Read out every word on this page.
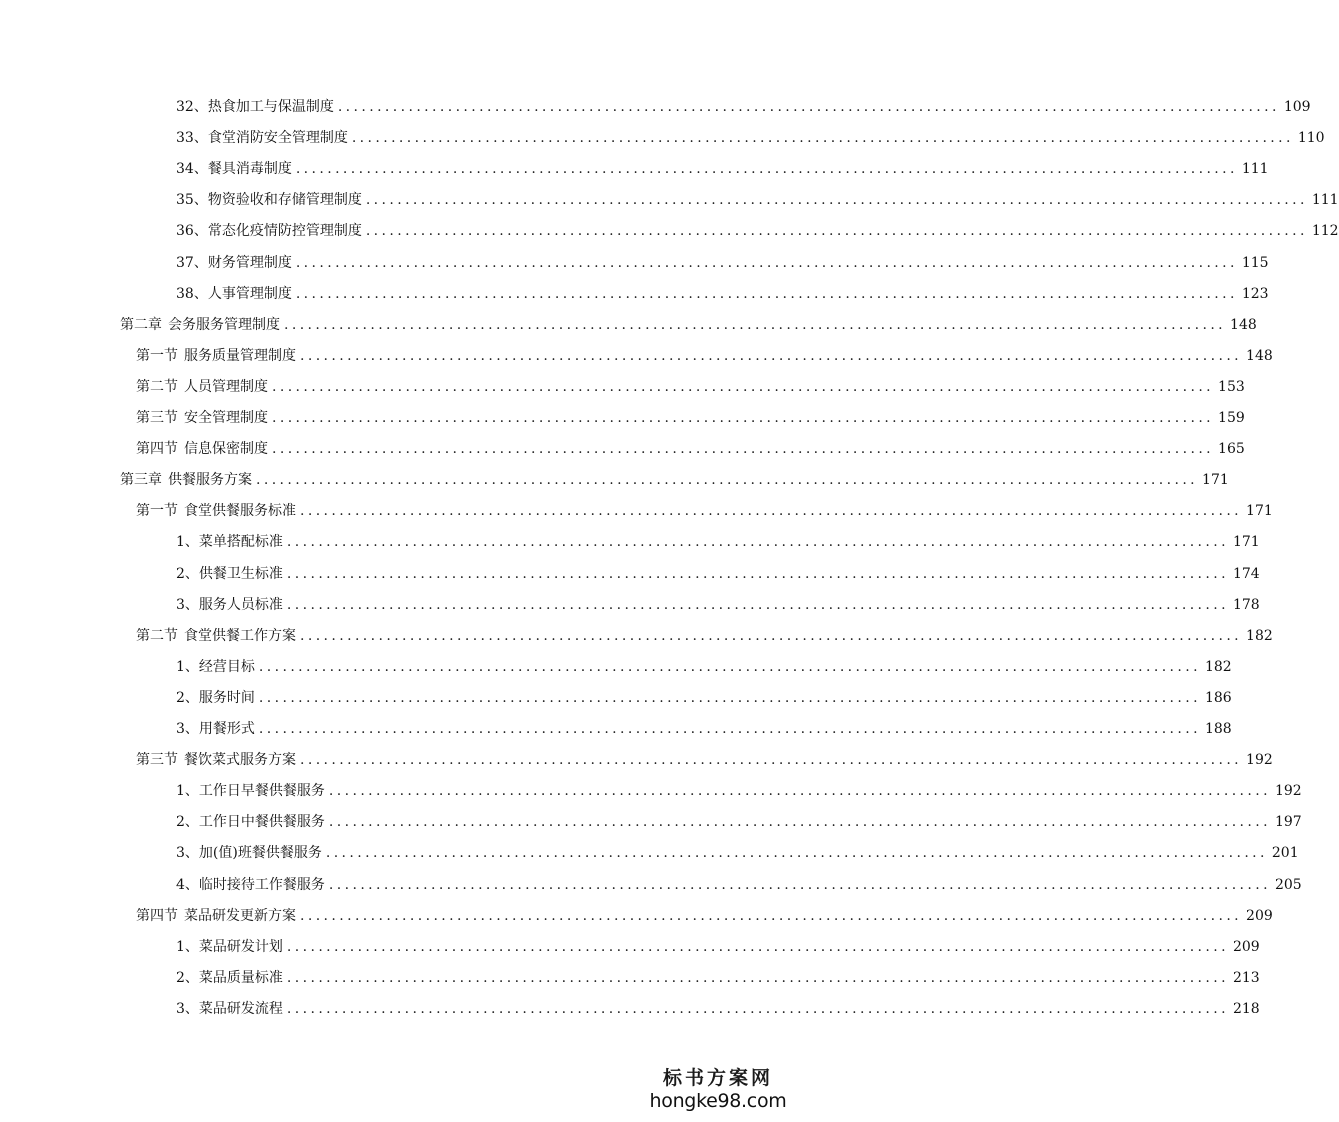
32、 热食加工与保温制度 ........................................................................................................................ 109
33、 食堂消防安全管理制度 ........................................................................................................................ 110
34、 餐具消毒制度 ........................................................................................................................ 111
35、 物资验收和存储管理制度 ........................................................................................................................ 111
36、 常态化疫情防控管理制度 ........................................................................................................................ 112
37、 财务管理制度 ........................................................................................................................ 115
38、 人事管理制度 ........................................................................................................................ 123
第二章 会务服务管理制度 ........................................................................................................................ 148
第一节 服务质量管理制度 ........................................................................................................................ 148
第二节 人员管理制度 ........................................................................................................................ 153
第三节 安全管理制度 ........................................................................................................................ 159
第四节 信息保密制度 ........................................................................................................................ 165
第三章 供餐服务方案 ........................................................................................................................ 171
第一节 食堂供餐服务标准 ........................................................................................................................ 171
1、 菜单搭配标准 ........................................................................................................................ 171
2、 供餐卫生标准 ........................................................................................................................ 174
3、 服务人员标准 ........................................................................................................................ 178
第二节 食堂供餐工作方案 ........................................................................................................................ 182
1、 经营目标 ........................................................................................................................ 182
2、 服务时间 ........................................................................................................................ 186
3、 用餐形式 ........................................................................................................................ 188
第三节 餐饮菜式服务方案 ........................................................................................................................ 192
1、 工作日早餐供餐服务 ........................................................................................................................ 192
2、 工作日中餐供餐服务 ........................................................................................................................ 197
3、 加(值)班餐供餐服务 ........................................................................................................................ 201
4、 临时接待工作餐服务 ........................................................................................................................ 205
第四节 菜品研发更新方案 ........................................................................................................................ 209
1、 菜品研发计划 ........................................................................................................................ 209
2、 菜品质量标准 ........................................................................................................................ 213
3、 菜品研发流程 ........................................................................................................................ 218
标书方案网
hongke98.com
